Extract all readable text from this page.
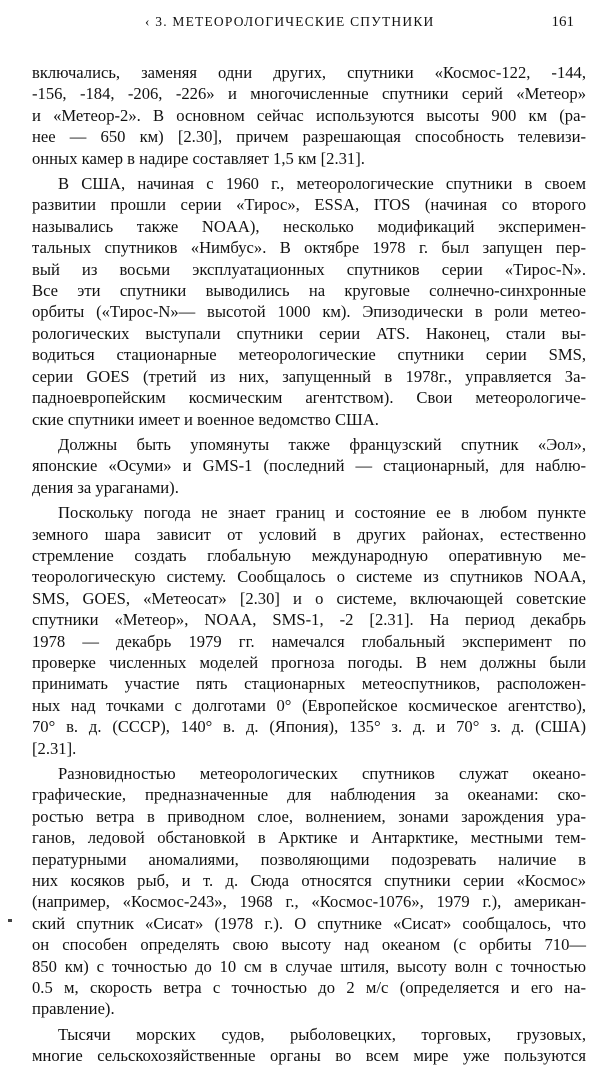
‹ 3. МЕТЕОРОЛОГИЧЕСКИЕ СПУТНИКИ	161
включались, заменяя одни других, спутники «Космос-122, -144,
-156, -184, -206, -226» и многочисленные спутники серий «Метеор»
и «Метеор-2». В основном сейчас используются высоты 900 км (ра-
нее — 650 км) [2.30], причем разрешающая способность телевизи-
онных камер в надире составляет 1,5 км [2.31].
В США, начиная с 1960 г., метеорологические спутники в своем
развитии прошли серии «Тирос», ESSA, ITOS (начиная со второго
назывались также NOAA), несколько модификаций эксперимен-
тальных спутников «Нимбус». В октябре 1978 г. был запущен пер-
вый из восьми эксплуатационных спутников серии «Тирос-N».
Все эти спутники выводились на круговые солнечно-синхронные
орбиты («Тирос-N»— высотой 1000 км). Эпизодически в роли метео-
рологических выступали спутники серии ATS. Наконец, стали вы-
водиться стационарные метеорологические спутники серии SMS,
серии GOES (третий из них, запущенный в 1978г., управляется За-
падноевропейским космическим агентством). Свои метеорологиче-
ские спутники имеет и военное ведомство США.
Должны быть упомянуты также французский спутник «Эол»,
японские «Осуми» и GMS-1 (последний — стационарный, для наблю-
дения за ураганами).
Поскольку погода не знает границ и состояние ее в любом пункте
земного шара зависит от условий в других районах, естественно
стремление создать глобальную международную оперативную ме-
теорологическую систему. Сообщалось о системе из спутников NOAA,
SMS, GOES, «Метеосат» [2.30] и о системе, включающей советские
спутники «Метеор», NOAA, SMS-1, -2 [2.31]. На период декабрь
1978 — декабрь 1979 гг. намечался глобальный эксперимент по
проверке численных моделей прогноза погоды. В нем должны были
принимать участие пять стационарных метеоспутников, расположен-
ных над точками с долготами 0° (Европейское космическое агентство),
70° в. д. (СССР), 140° в. д. (Япония), 135° з. д. и 70° з. д. (США)
[2.31].
Разновидностью метеорологических спутников служат океано-
графические, предназначенные для наблюдения за океанами: ско-
ростью ветра в приводном слое, волнением, зонами зарождения ура-
ганов, ледовой обстановкой в Арктике и Антарктике, местными тем-
пературными аномалиями, позволяющими подозревать наличие в
них косяков рыб, и т. д. Сюда относятся спутники серии «Космос»
(например, «Космос-243», 1968 г., «Космос-1076», 1979 г.), американ-
ский спутник «Сисат» (1978 г.). О спутнике «Сисат» сообщалось, что
он способен определять свою высоту над океаном (с орбиты 710—
850 км) с точностью до 10 см в случае штиля, высоту волн с точностью
0.5 м, скорость ветра с точностью до 2 м/с (определяется и его на-
правление).
Тысячи морских судов, рыболовецких, торговых, грузовых,
многие сельскохозяйственные органы во всем мире уже пользуются
